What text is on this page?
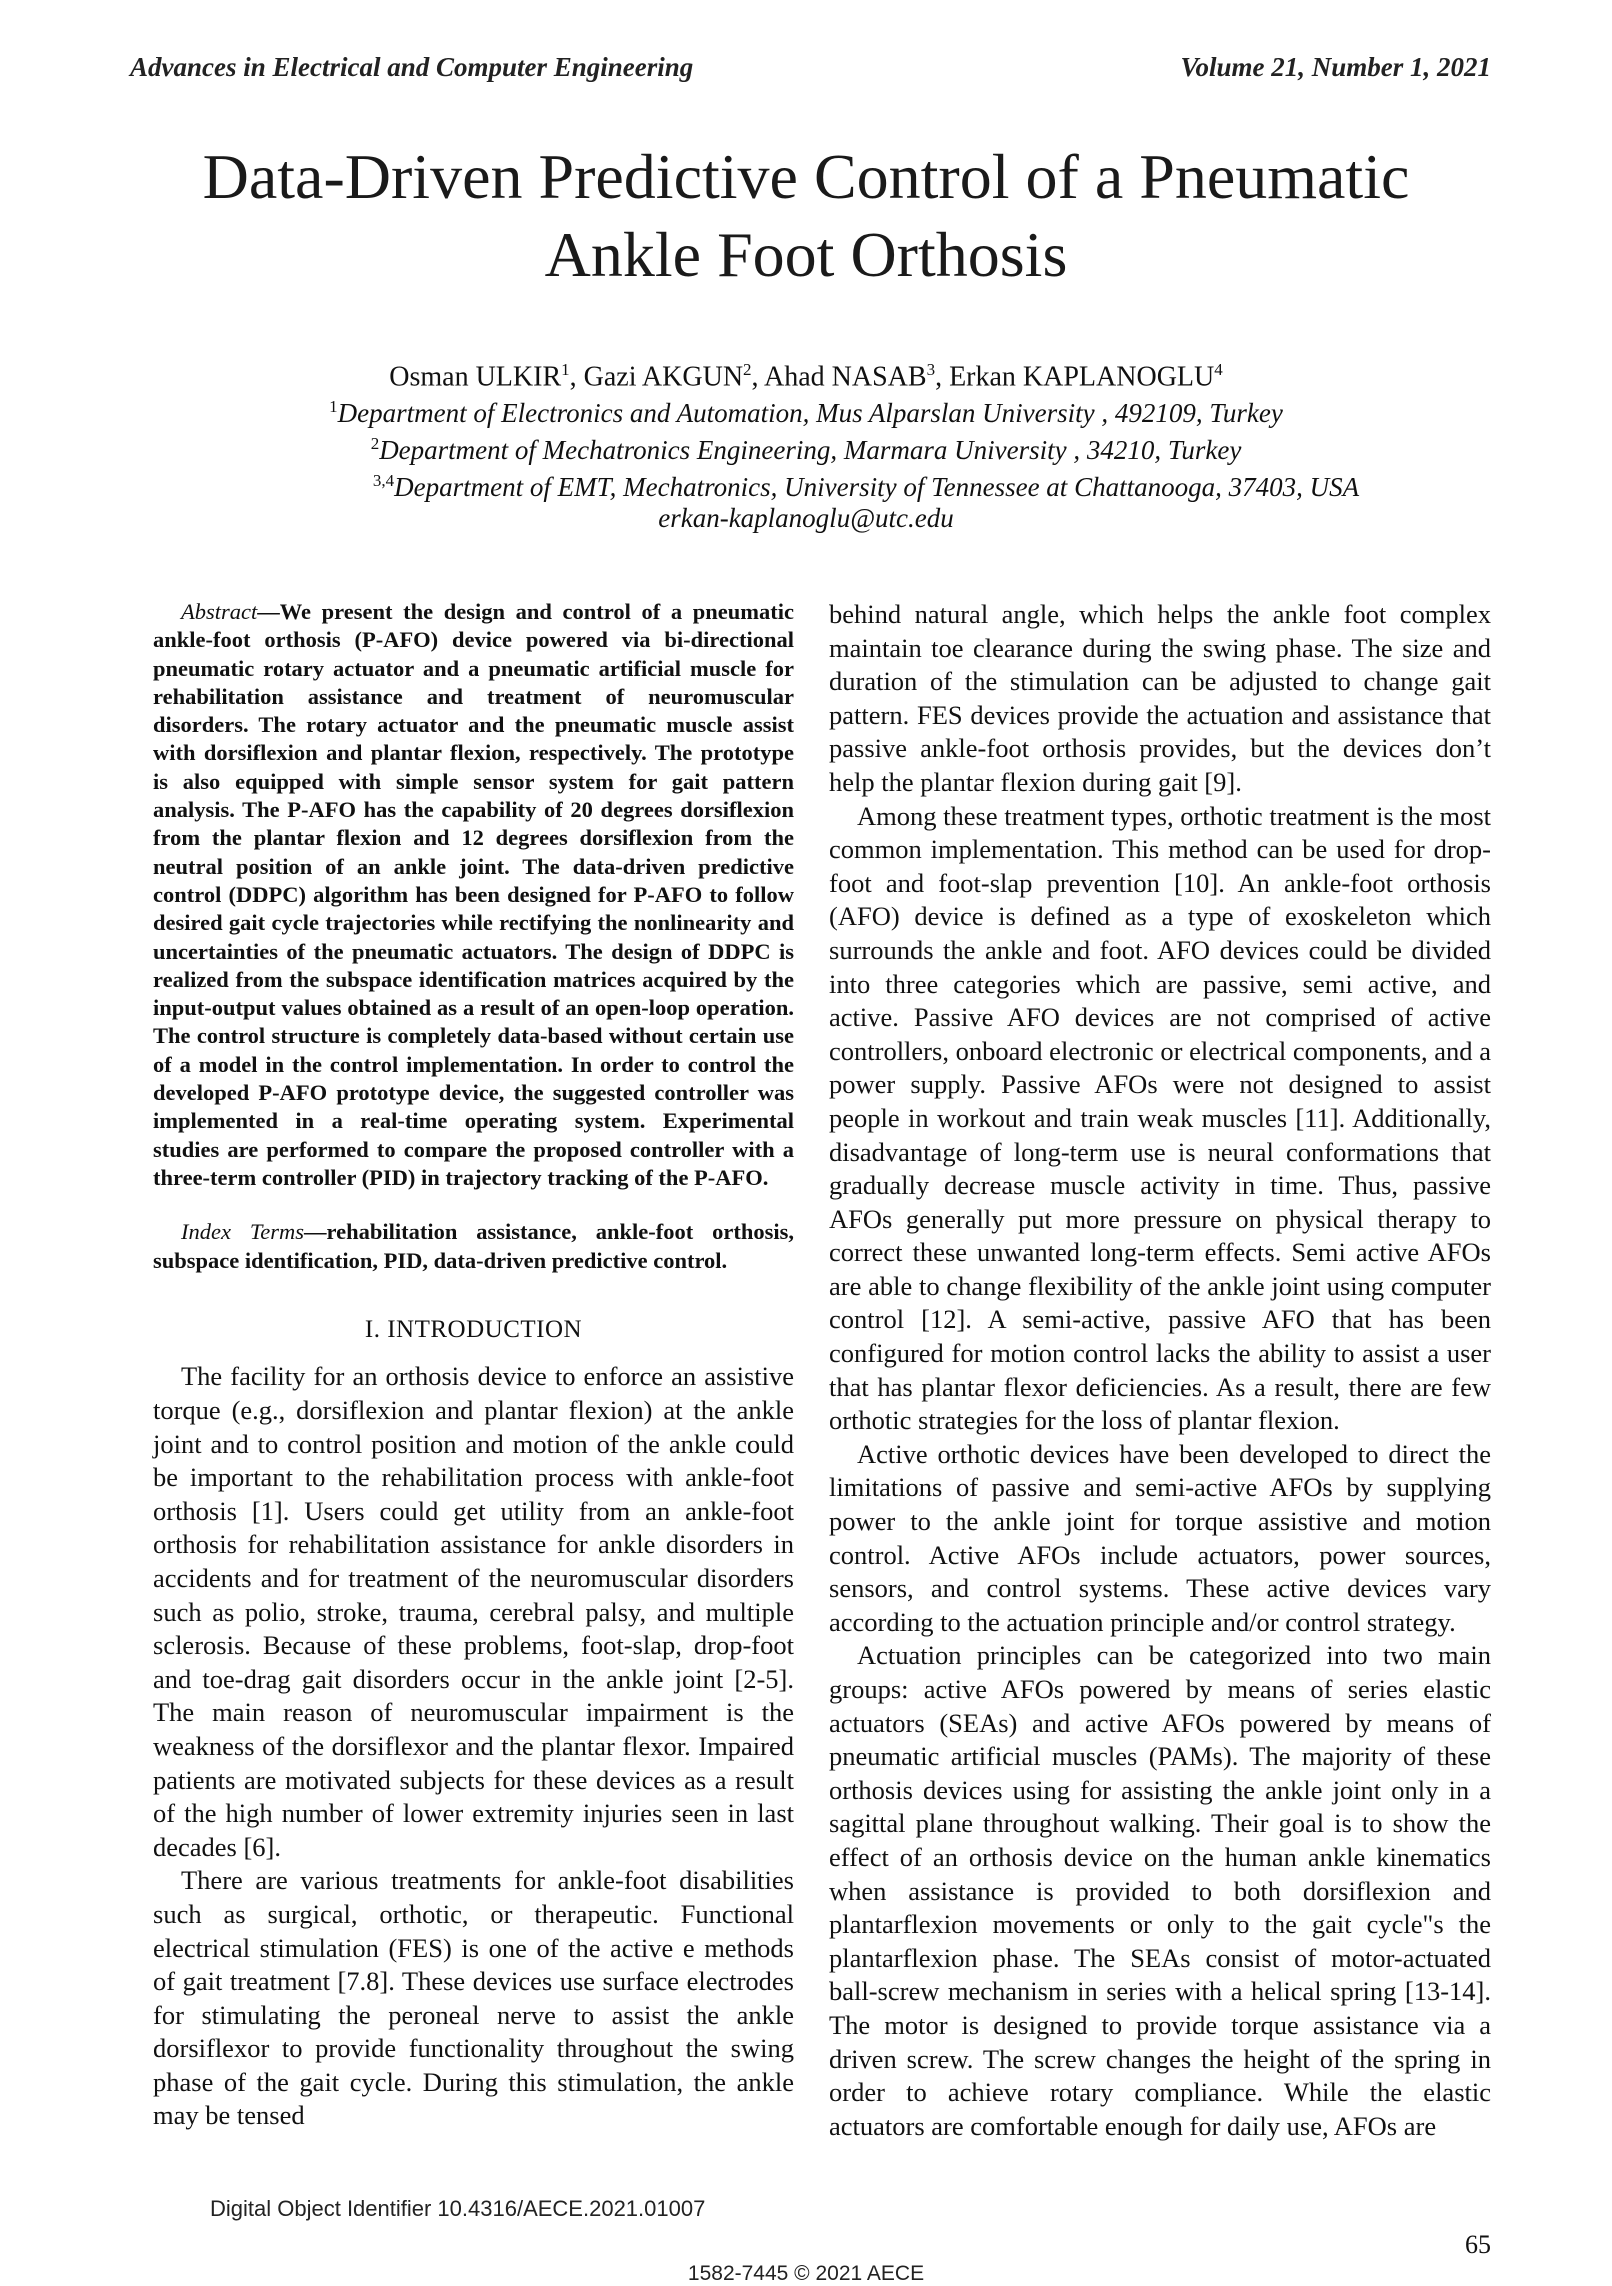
Advances in Electrical and Computer Engineering	Volume 21, Number 1, 2021
Data-Driven Predictive Control of a Pneumatic
Ankle Foot Orthosis
Osman ULKIR$^1$, Gazi AKGUN$^2$, Ahad NASAB$^3$, Erkan KAPLANOGLU$^4$
$^1$Department of Electronics and Automation, Mus Alparslan University , 492109, Turkey
$^2$Department of Mechatronics Engineering, Marmara University , 34210, Turkey
$^{3,4}$Department of EMT, Mechatronics, University of Tennessee at Chattanooga, 37403, USA
erkan-kaplanoglu@utc.edu

Abstract—We present the design and control of a pneumatic ankle-foot orthosis (P-AFO) device powered via bi-directional pneumatic rotary actuator and a pneumatic artificial muscle for rehabilitation assistance and treatment of neuromuscular disorders. The rotary actuator and the pneumatic muscle assist with dorsiflexion and plantar flexion, respectively. The prototype is also equipped with simple sensor system for gait pattern analysis. The P-AFO has the capability of 20 degrees dorsiflexion from the plantar flexion and 12 degrees dorsiflexion from the neutral position of an ankle joint. The data-driven predictive control (DDPC) algorithm has been designed for P-AFO to follow desired gait cycle trajectories while rectifying the nonlinearity and uncertainties of the pneumatic actuators. The design of DDPC is realized from the subspace identification matrices acquired by the input-output values obtained as a result of an open-loop operation. The control structure is completely data-based without certain use of a model in the control implementation. In order to control the developed P-AFO prototype device, the suggested controller was implemented in a real-time operating system. Experimental studies are performed to compare the proposed controller with a three-term controller (PID) in trajectory tracking of the P-AFO.

Index Terms—rehabilitation assistance, ankle-foot orthosis, subspace identification, PID, data-driven predictive control.

I. INTRODUCTION

The facility for an orthosis device to enforce an assistive torque (e.g., dorsiflexion and plantar flexion) at the ankle joint and to control position and motion of the ankle could be important to the rehabilitation process with ankle-foot orthosis [1]. Users could get utility from an ankle-foot orthosis for rehabilitation assistance for ankle disorders in accidents and for treatment of the neuromuscular disorders such as polio, stroke, trauma, cerebral palsy, and multiple sclerosis. Because of these problems, foot-slap, drop-foot and toe-drag gait disorders occur in the ankle joint [2-5]. The main reason of neuromuscular impairment is the weakness of the dorsiflexor and the plantar flexor. Impaired patients are motivated subjects for these devices as a result of the high number of lower extremity injuries seen in last decades [6].

There are various treatments for ankle-foot disabilities such as surgical, orthotic, or therapeutic. Functional electrical stimulation (FES) is one of the active e methods of gait treatment [7.8]. These devices use surface electrodes for stimulating the peroneal nerve to assist the ankle dorsiflexor to provide functionality throughout the swing phase of the gait cycle. During this stimulation, the ankle may be tensed

behind natural angle, which helps the ankle foot complex maintain toe clearance during the swing phase. The size and duration of the stimulation can be adjusted to change gait pattern. FES devices provide the actuation and assistance that passive ankle-foot orthosis provides, but the devices don’t help the plantar flexion during gait [9].

Among these treatment types, orthotic treatment is the most common implementation. This method can be used for drop-foot and foot-slap prevention [10]. An ankle-foot orthosis (AFO) device is defined as a type of exoskeleton which surrounds the ankle and foot. AFO devices could be divided into three categories which are passive, semi active, and active. Passive AFO devices are not comprised of active controllers, onboard electronic or electrical components, and a power supply. Passive AFOs were not designed to assist people in workout and train weak muscles [11]. Additionally, disadvantage of long-term use is neural conformations that gradually decrease muscle activity in time. Thus, passive AFOs generally put more pressure on physical therapy to correct these unwanted long-term effects. Semi active AFOs are able to change flexibility of the ankle joint using computer control [12]. A semi-active, passive AFO that has been configured for motion control lacks the ability to assist a user that has plantar flexor deficiencies. As a result, there are few orthotic strategies for the loss of plantar flexion.

Active orthotic devices have been developed to direct the limitations of passive and semi-active AFOs by supplying power to the ankle joint for torque assistive and motion control. Active AFOs include actuators, power sources, sensors, and control systems. These active devices vary according to the actuation principle and/or control strategy.

Actuation principles can be categorized into two main groups: active AFOs powered by means of series elastic actuators (SEAs) and active AFOs powered by means of pneumatic artificial muscles (PAMs). The majority of these orthosis devices using for assisting the ankle joint only in a sagittal plane throughout walking. Their goal is to show the effect of an orthosis device on the human ankle kinematics when assistance is provided to both dorsiflexion and plantarflexion movements or only to the gait cycle"s the plantarflexion phase. The SEAs consist of motor-actuated ball-screw mechanism in series with a helical spring [13-14]. The motor is designed to provide torque assistance via a driven screw. The screw changes the height of the spring in order to achieve rotary compliance. While the elastic actuators are comfortable enough for daily use, AFOs are

Digital Object Identifier 10.4316/AECE.2021.01007
65
1582-7445 © 2021 AECE
